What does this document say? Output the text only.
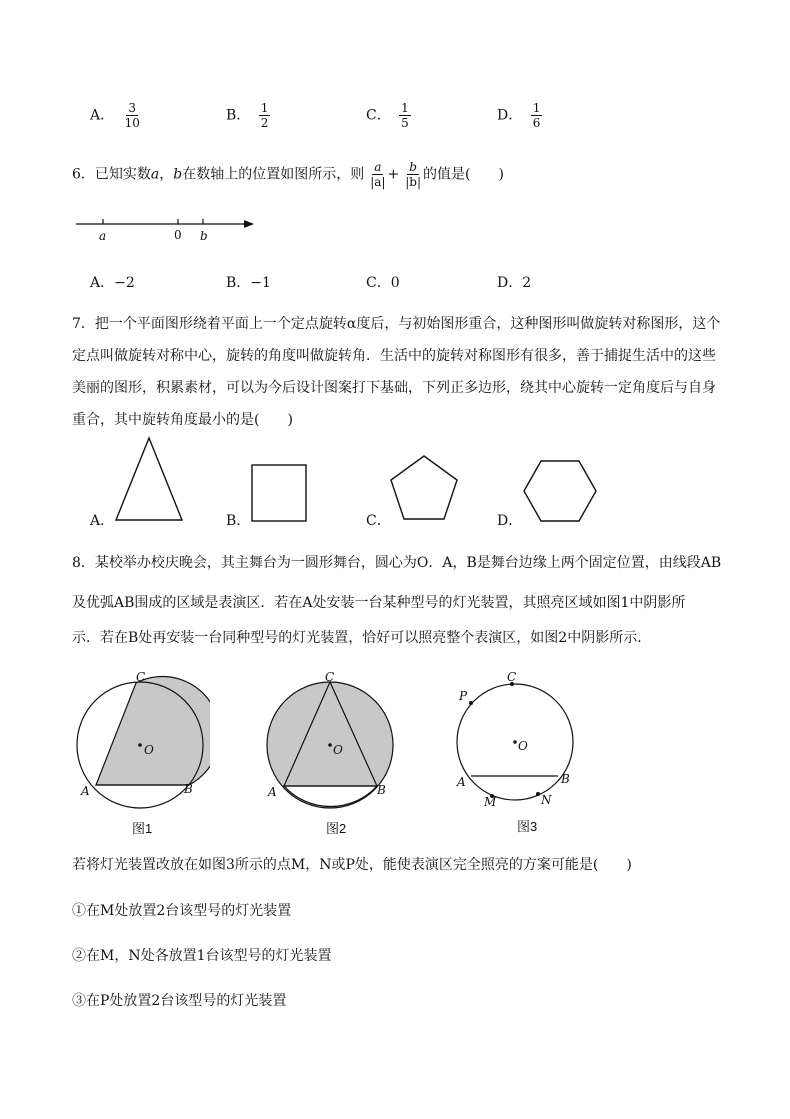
A． $\frac{3}{10}$	B． $\frac{1}{2}$	C． $\frac{1}{5}$	D． $\frac{1}{6}$
6．已知实数a，b在数轴上的位置如图所示，则 $\frac{a}{|a|} + \frac{b}{|b|}$ 的值是(　　)
a	0 b
A．−2	B．−1	C．0	D．2
7．把一个平面图形绕着平面上一个定点旋转α度后，与初始图形重合，这种图形叫做旋转对称图形，这个
定点叫做旋转对称中心，旋转的角度叫做旋转角．生活中的旋转对称图形有很多，善于捕捉生活中的这些
美丽的图形，积累素材，可以为今后设计图案打下基础，下列正多边形，绕其中心旋转一定角度后与自身
重合，其中旋转角度最小的是(　　)
A．	B．	C．	D．
8．某校举办校庆晚会，其主舞台为一圆形舞台，圆心为O．A，B是舞台边缘上两个固定位置，由线段AB
及优弧AB围成的区域是表演区．若在A处安装一台某种型号的灯光装置，其照亮区域如图1中阴影所
示．若在B处再安装一台同种型号的灯光装置，恰好可以照亮整个表演区，如图2中阴影所示．
C
O
A	B
图1
C
O
A	B
图2
P
C
O
A	B
M	N
图3
若将灯光装置改放在如图3所示的点M，N或P处，能使表演区完全照亮的方案可能是(　　)
①在M处放置2台该型号的灯光装置
②在M，N处各放置1台该型号的灯光装置
③在P处放置2台该型号的灯光装置
